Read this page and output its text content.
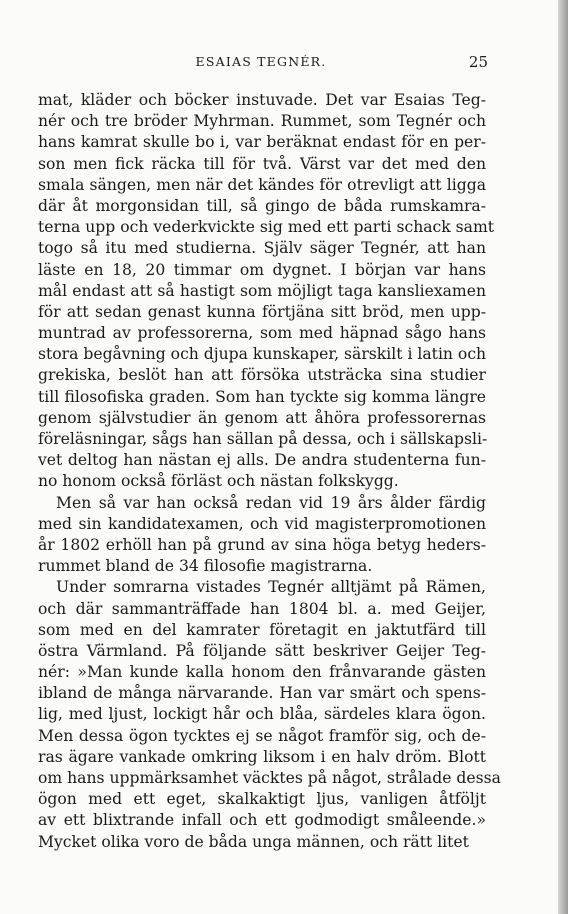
ESAIAS TEGNÉR.	25
mat, kläder och böcker instuvade. Det var Esaias Teg-
nér och tre bröder Myhrman. Rummet, som Tegnér och
hans kamrat skulle bo i, var beräknat endast för en per-
son men fick räcka till för två. Värst var det med den
smala sängen, men när det kändes för otrevligt att ligga
där åt morgonsidan till, så gingo de båda rumskamra-
terna upp och vederkvickte sig med ett parti schack samt
togo så itu med studierna. Själv säger Tegnér, att han
läste en 18, 20 timmar om dygnet. I början var hans
mål endast att så hastigt som möjligt taga kansliexamen
för att sedan genast kunna förtjäna sitt bröd, men upp-
muntrad av professorerna, som med häpnad sågo hans
stora begåvning och djupa kunskaper, särskilt i latin och
grekiska, beslöt han att försöka utsträcka sina studier
till filosofiska graden. Som han tyckte sig komma längre
genom självstudier än genom att åhöra professorernas
föreläsningar, sågs han sällan på dessa, och i sällskapsli-
vet deltog han nästan ej alls. De andra studenterna fun-
no honom också förläst och nästan folkskygg.
Men så var han också redan vid 19 års ålder färdig
med sin kandidatexamen, och vid magisterpromotionen
år 1802 erhöll han på grund av sina höga betyg heders-
rummet bland de 34 filosofie magistrarna.
Under somrarna vistades Tegnér alltjämt på Rämen,
och där sammanträffade han 1804 bl. a. med Geijer,
som med en del kamrater företagit en jaktutfärd till
östra Värmland. På följande sätt beskriver Geijer Teg-
nér: »Man kunde kalla honom den frånvarande gästen
ibland de många närvarande. Han var smärt och spens-
lig, med ljust, lockigt hår och blåa, särdeles klara ögon.
Men dessa ögon tycktes ej se något framför sig, och de-
ras ägare vankade omkring liksom i en halv dröm. Blott
om hans uppmärksamhet väcktes på något, strålade dessa
ögon med ett eget, skalkaktigt ljus, vanligen åtföljt
av ett blixtrande infall och ett godmodigt småleende.»
Mycket olika voro de båda unga männen, och rätt litet
